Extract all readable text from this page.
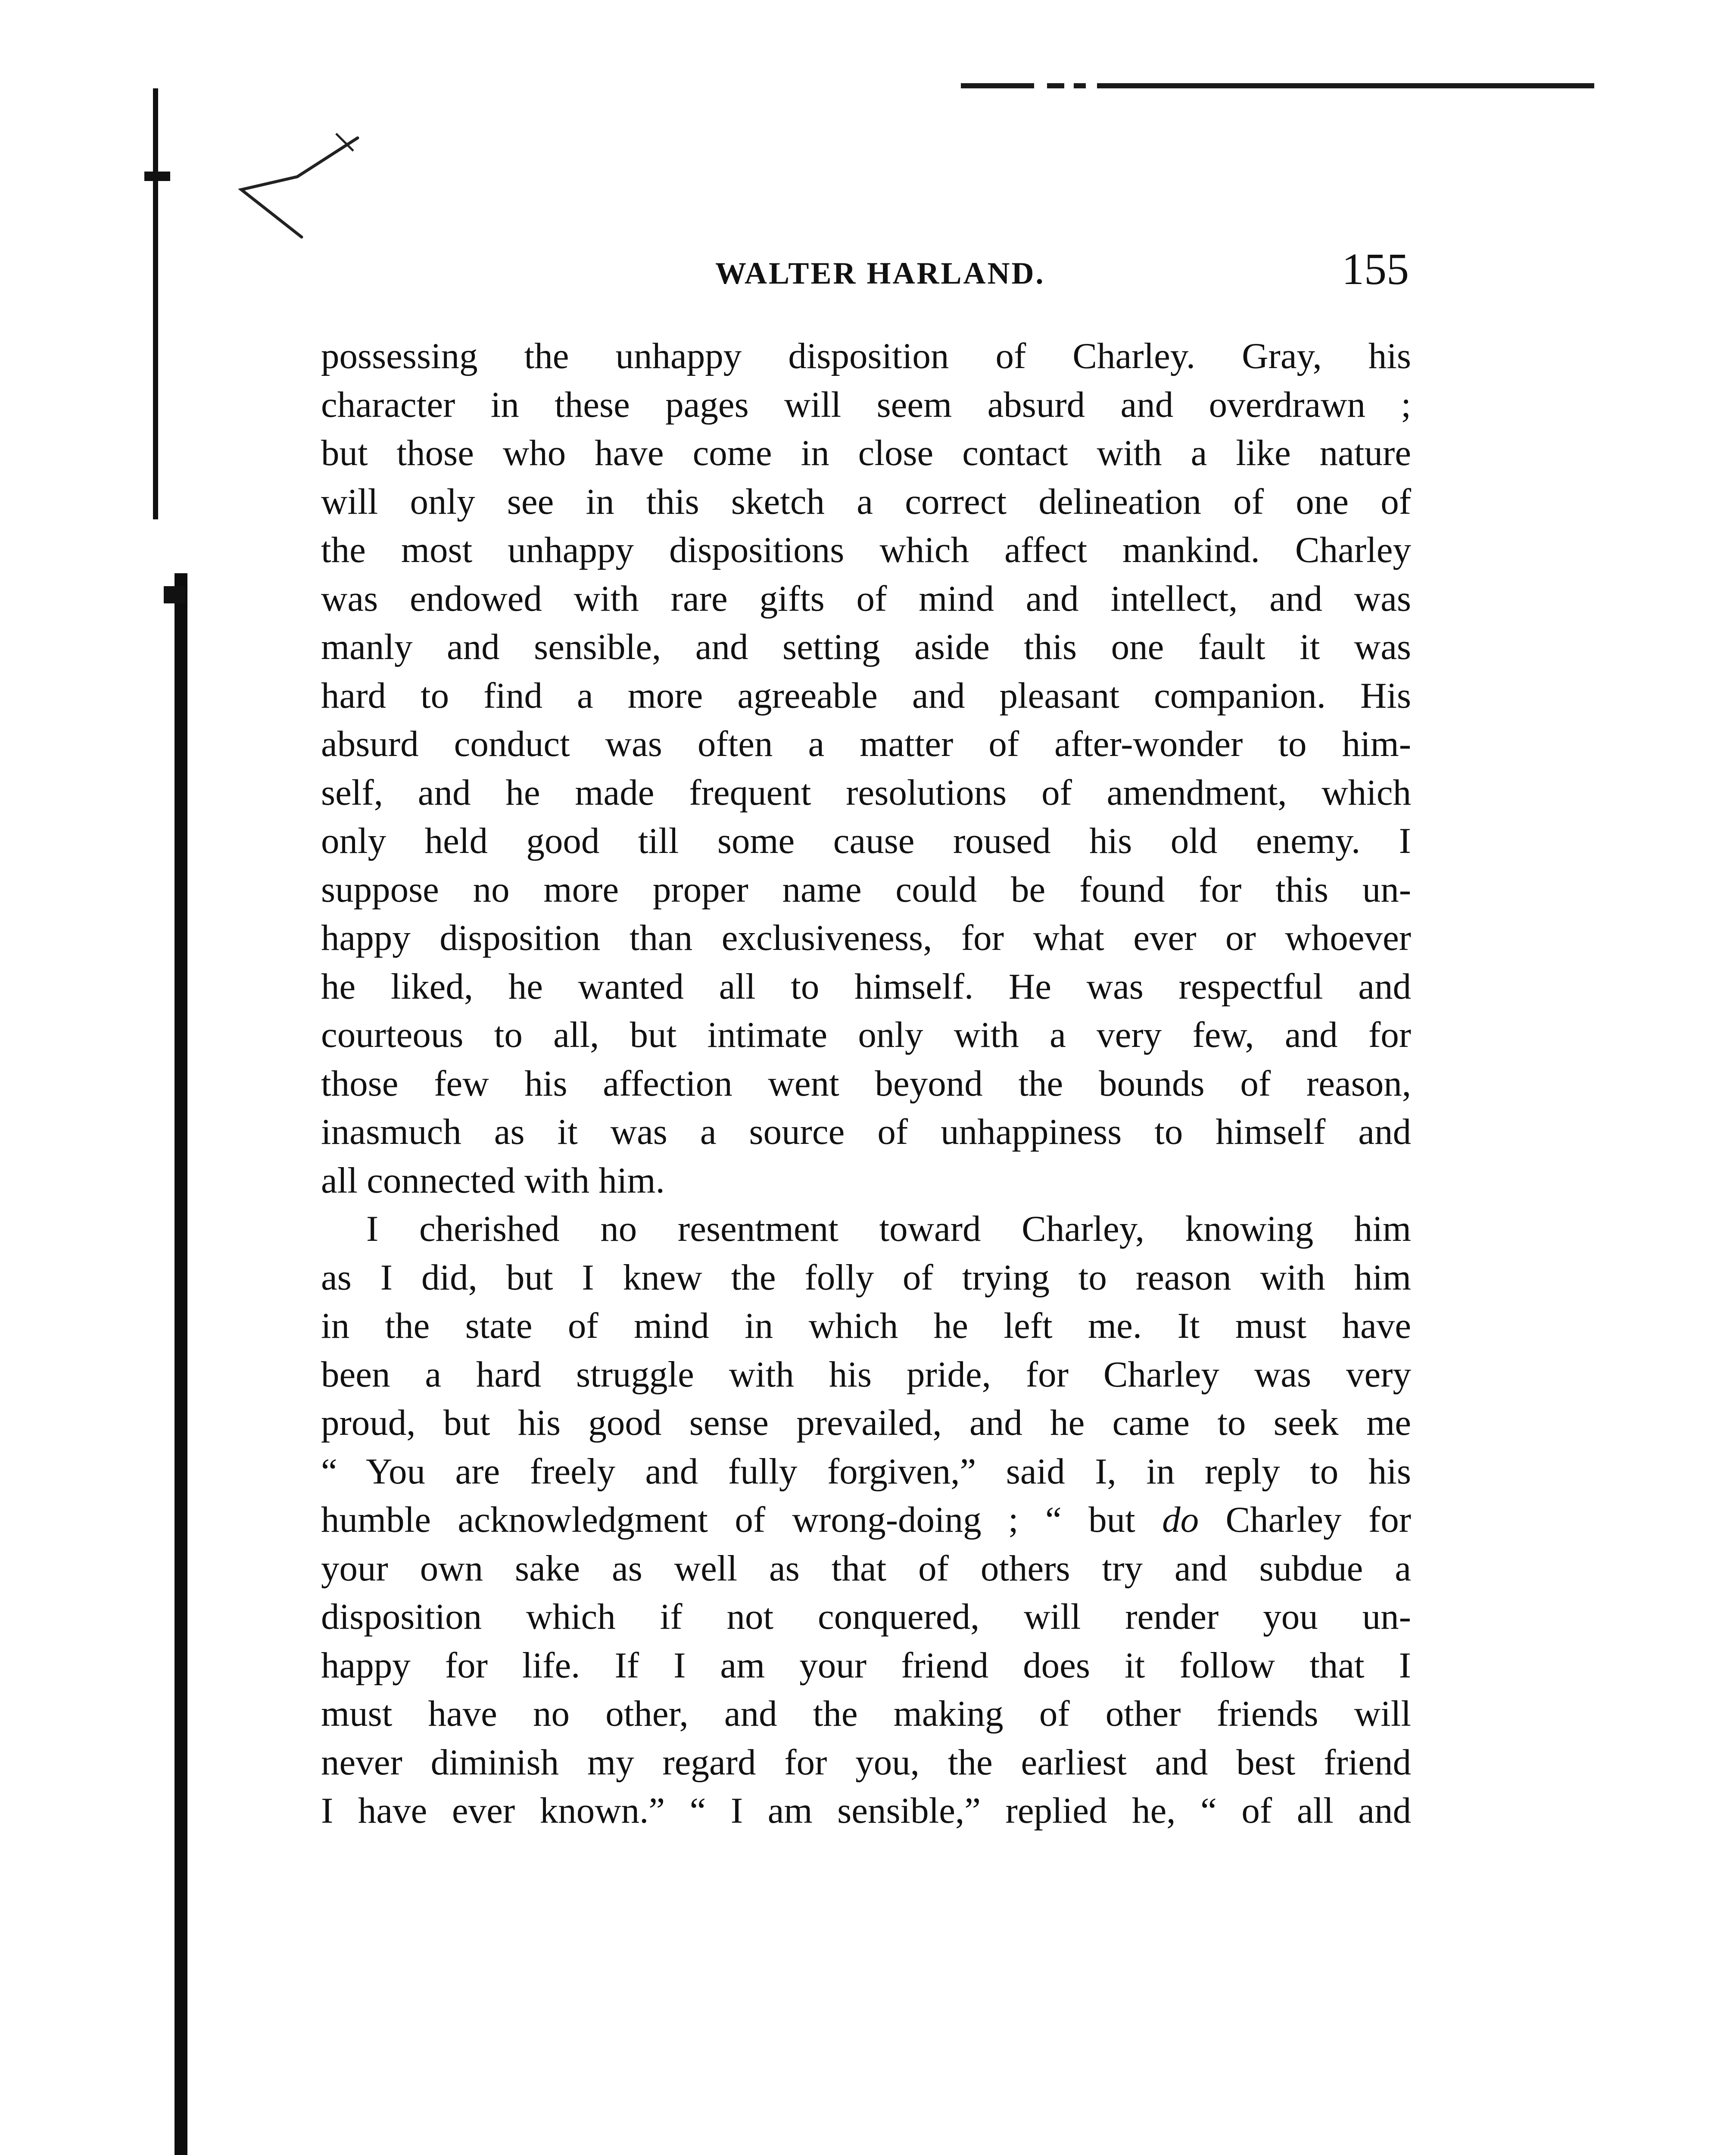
WALTER HARLAND.	155
possessing the unhappy disposition of Charley. Gray, his
character in these pages will seem absurd and overdrawn ;
but those who have come in close contact with a like nature
will only see in this sketch a correct delineation of one of
the most unhappy dispositions which affect mankind. Charley
was endowed with rare gifts of mind and intellect, and was
manly and sensible, and setting aside this one fault it was
hard to find a more agreeable and pleasant companion. His
absurd conduct was often a matter of after-wonder to him-
self, and he made frequent resolutions of amendment, which
only held good till some cause roused his old enemy. I
suppose no more proper name could be found for this un-
happy disposition than exclusiveness, for what ever or whoever
he liked, he wanted all to himself. He was respectful and
courteous to all, but intimate only with a very few, and for
those few his affection went beyond the bounds of reason,
inasmuch as it was a source of unhappiness to himself and
all connected with him.
I cherished no resentment toward Charley, knowing him
as I did, but I knew the folly of trying to reason with him
in the state of mind in which he left me. It must have
been a hard struggle with his pride, for Charley was very
proud, but his good sense prevailed, and he came to seek me
“ You are freely and fully forgiven,” said I, in reply to his
humble acknowledgment of wrong-doing ; “ but do Charley for
your own sake as well as that of others try and subdue a
disposition which if not conquered, will render you un-
happy for life. If I am your friend does it follow that I
must have no other, and the making of other friends will
never diminish my regard for you, the earliest and best friend
I have ever known.” “ I am sensible,” replied he, “ of all and
